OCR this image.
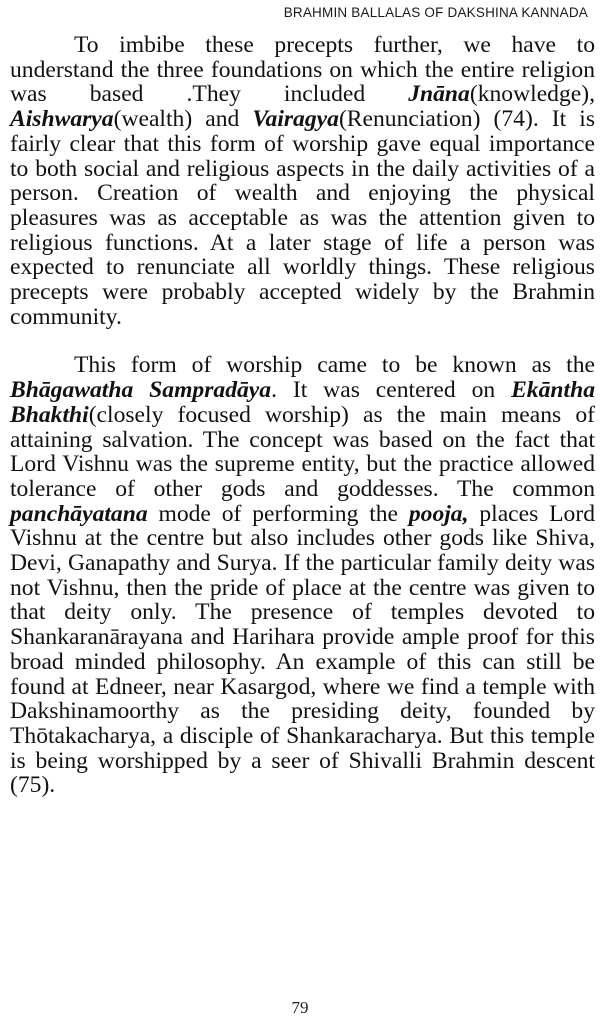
BRAHMIN BALLALAS OF DAKSHINA KANNADA

To imbibe these precepts further, we have to understand the three foundations on which the entire religion was based .They included Jnāna(knowledge), Aishwarya(wealth) and Vairagya(Renunciation) (74). It is fairly clear that this form of worship gave equal importance to both social and religious aspects in the daily activities of a person. Creation of wealth and enjoying the physical pleasures was as acceptable as was the attention given to religious functions. At a later stage of life a person was expected to renunciate all worldly things. These religious precepts were probably accepted widely by the Brahmin community.

This form of worship came to be known as the Bhāgawatha Sampradāya. It was centered on Ekāntha Bhakthi(closely focused worship) as the main means of attaining salvation. The concept was based on the fact that Lord Vishnu was the supreme entity, but the practice allowed tolerance of other gods and goddesses. The common panchāyatana mode of performing the pooja, places Lord Vishnu at the centre but also includes other gods like Shiva, Devi, Ganapathy and Surya. If the particular family deity was not Vishnu, then the pride of place at the centre was given to that deity only. The presence of temples devoted to Shankaranārayana and Harihara provide ample proof for this broad minded philosophy. An example of this can still be found at Edneer, near Kasargod, where we find a temple with Dakshinamoorthy as the presiding deity, founded by Thōtakacharya, a disciple of Shankaracharya. But this temple is being worshipped by a seer of Shivalli Brahmin descent (75).

79
